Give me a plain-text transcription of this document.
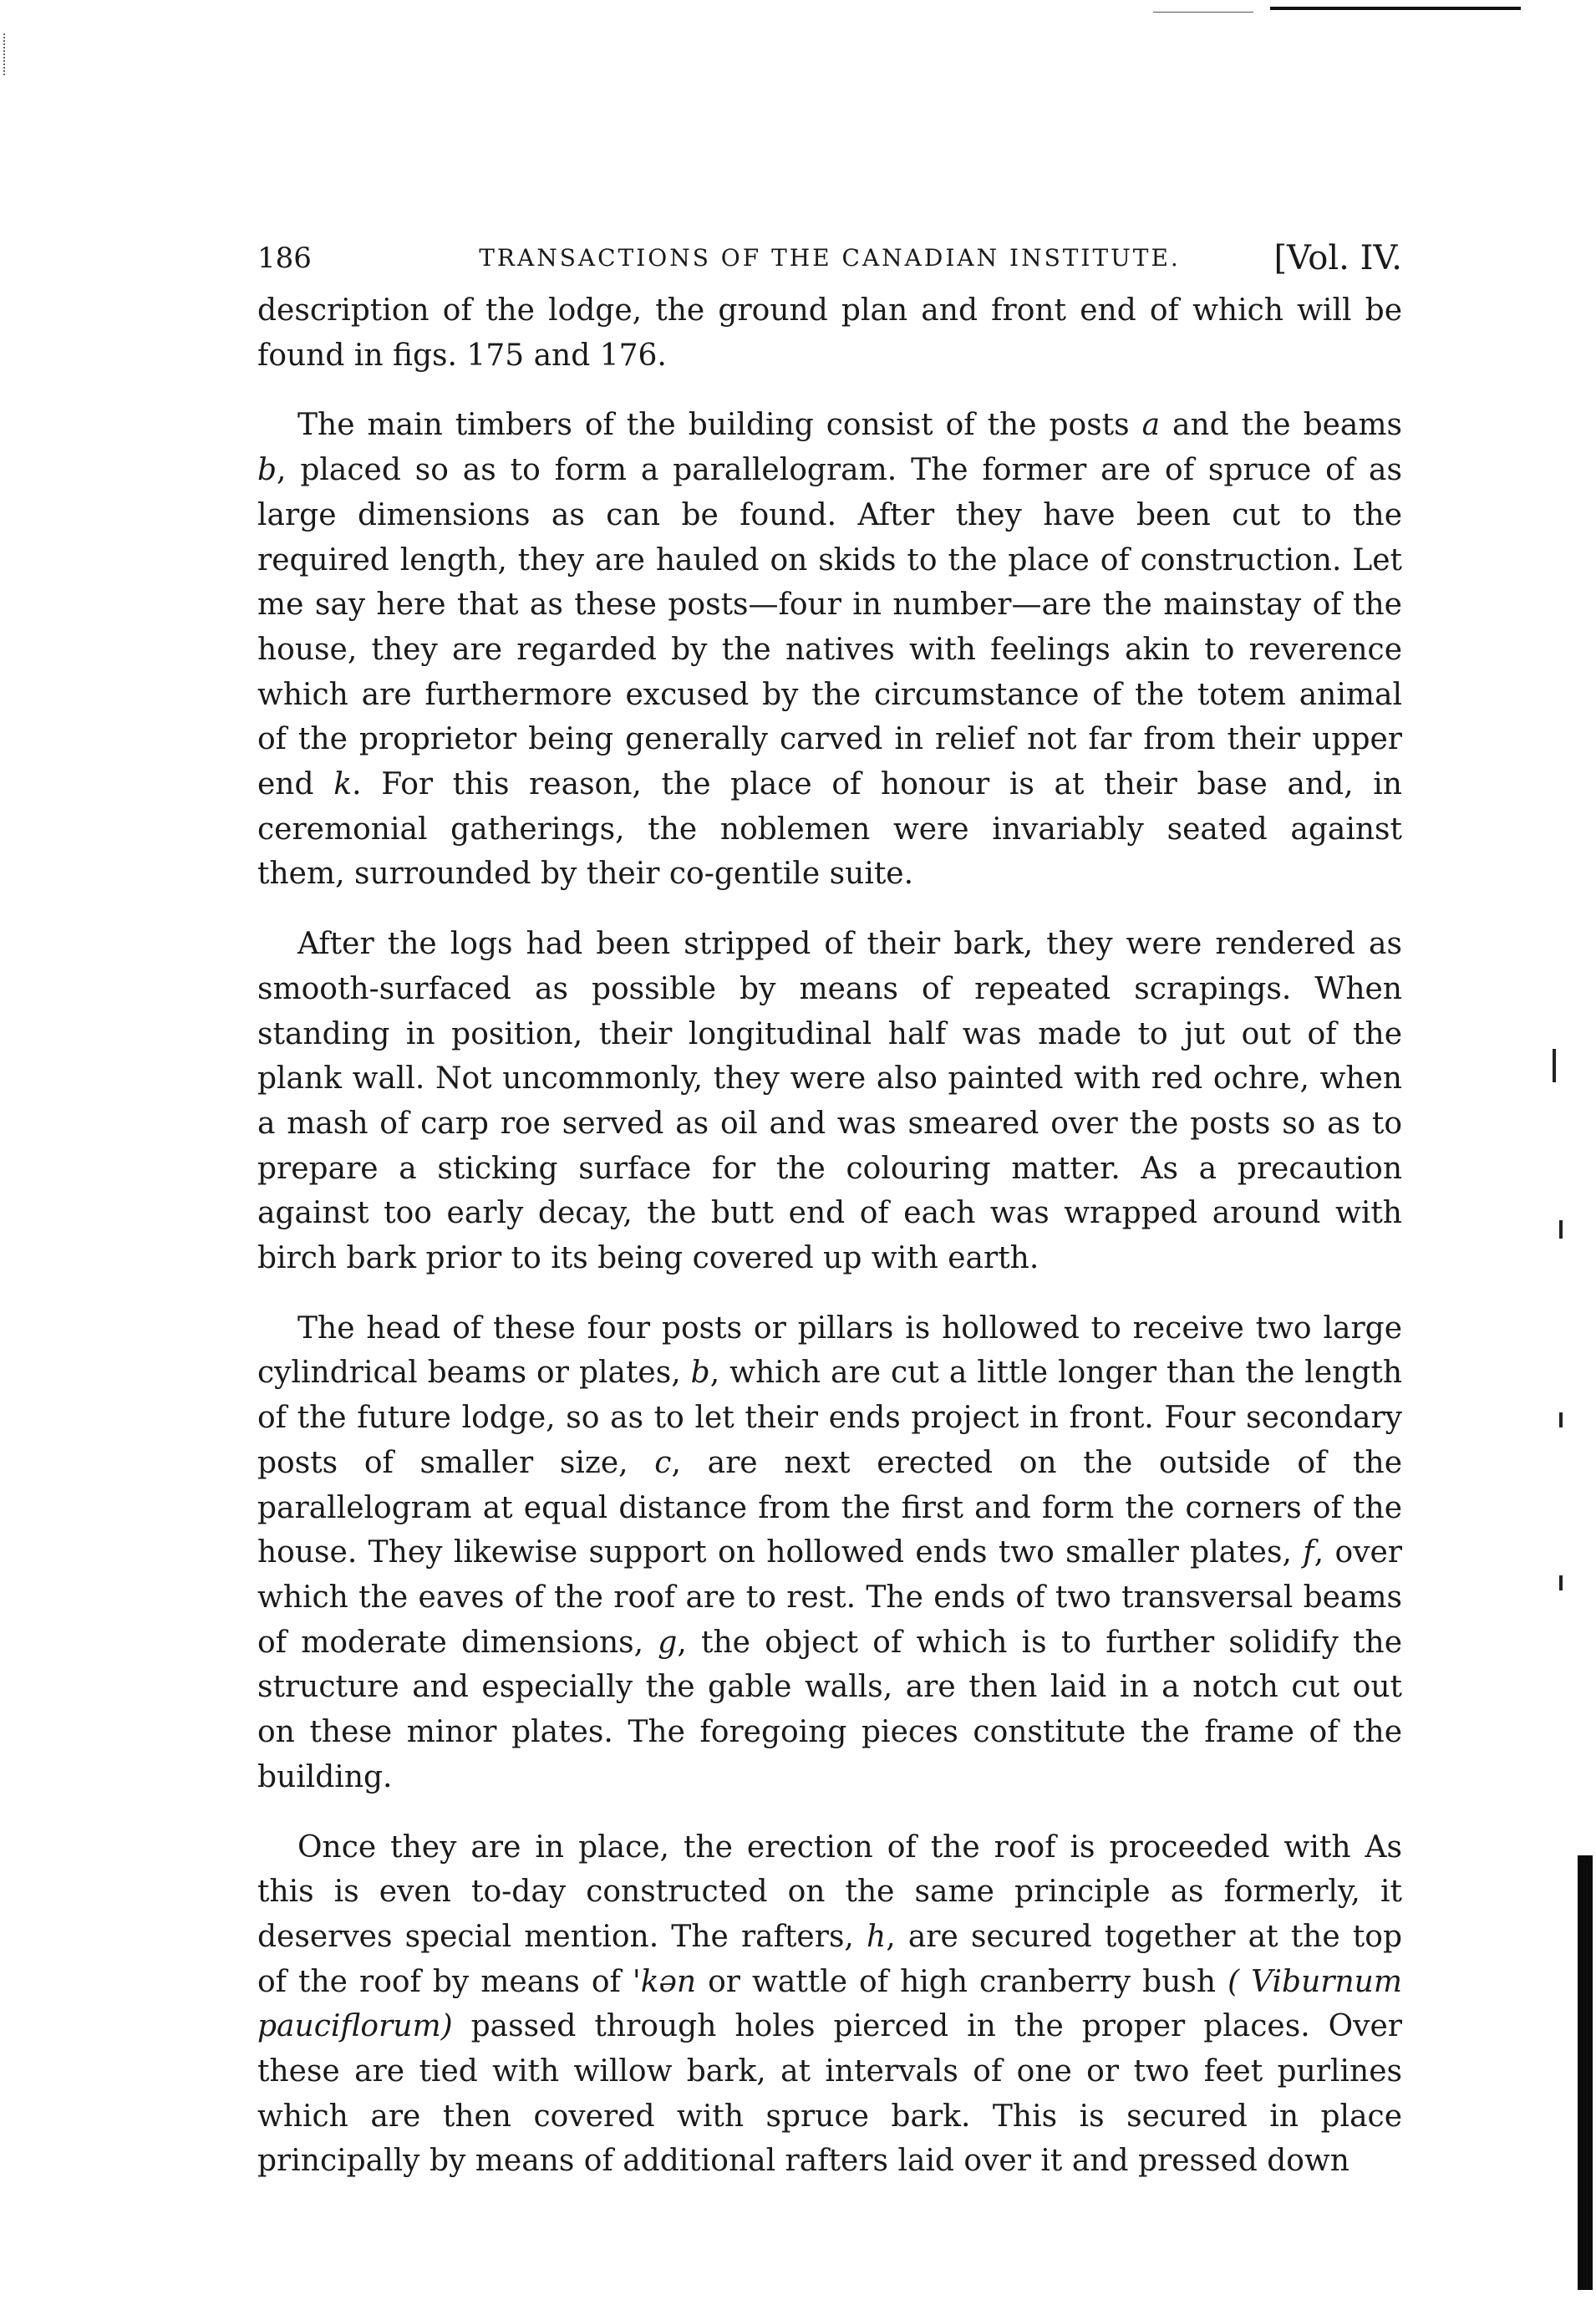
186	TRANSACTIONS OF THE CANADIAN INSTITUTE.	[Vol. IV.

description of the lodge, the ground plan and front end of which will be found in figs. 175 and 176.

The main timbers of the building consist of the posts a and the beams b, placed so as to form a parallelogram. The former are of spruce of as large dimensions as can be found. After they have been cut to the required length, they are hauled on skids to the place of construction. Let me say here that as these posts—four in number—are the mainstay of the house, they are regarded by the natives with feelings akin to reverence which are furthermore excused by the circumstance of the totem animal of the proprietor being generally carved in relief not far from their upper end k. For this reason, the place of honour is at their base and, in ceremonial gatherings, the noblemen were invariably seated against them, surrounded by their co-gentile suite.

After the logs had been stripped of their bark, they were rendered as smooth-surfaced as possible by means of repeated scrapings. When standing in position, their longitudinal half was made to jut out of the plank wall. Not uncommonly, they were also painted with red ochre, when a mash of carp roe served as oil and was smeared over the posts so as to prepare a sticking surface for the colouring matter. As a precaution against too early decay, the butt end of each was wrapped around with birch bark prior to its being covered up with earth.

The head of these four posts or pillars is hollowed to receive two large cylindrical beams or plates, b, which are cut a little longer than the length of the future lodge, so as to let their ends project in front. Four secondary posts of smaller size, c, are next erected on the outside of the parallelogram at equal distance from the first and form the corners of the house. They likewise support on hollowed ends two smaller plates, f, over which the eaves of the roof are to rest. The ends of two transversal beams of moderate dimensions, g, the object of which is to further solidify the structure and especially the gable walls, are then laid in a notch cut out on these minor plates. The foregoing pieces constitute the frame of the building.

Once they are in place, the erection of the roof is proceeded with As this is even to-day constructed on the same principle as formerly, it deserves special mention. The rafters, h, are secured together at the top of the roof by means of 'kən or wattle of high cranberry bush ( Viburnum pauciflorum) passed through holes pierced in the proper places. Over these are tied with willow bark, at intervals of one or two feet purlines which are then covered with spruce bark. This is secured in place principally by means of additional rafters laid over it and pressed down
